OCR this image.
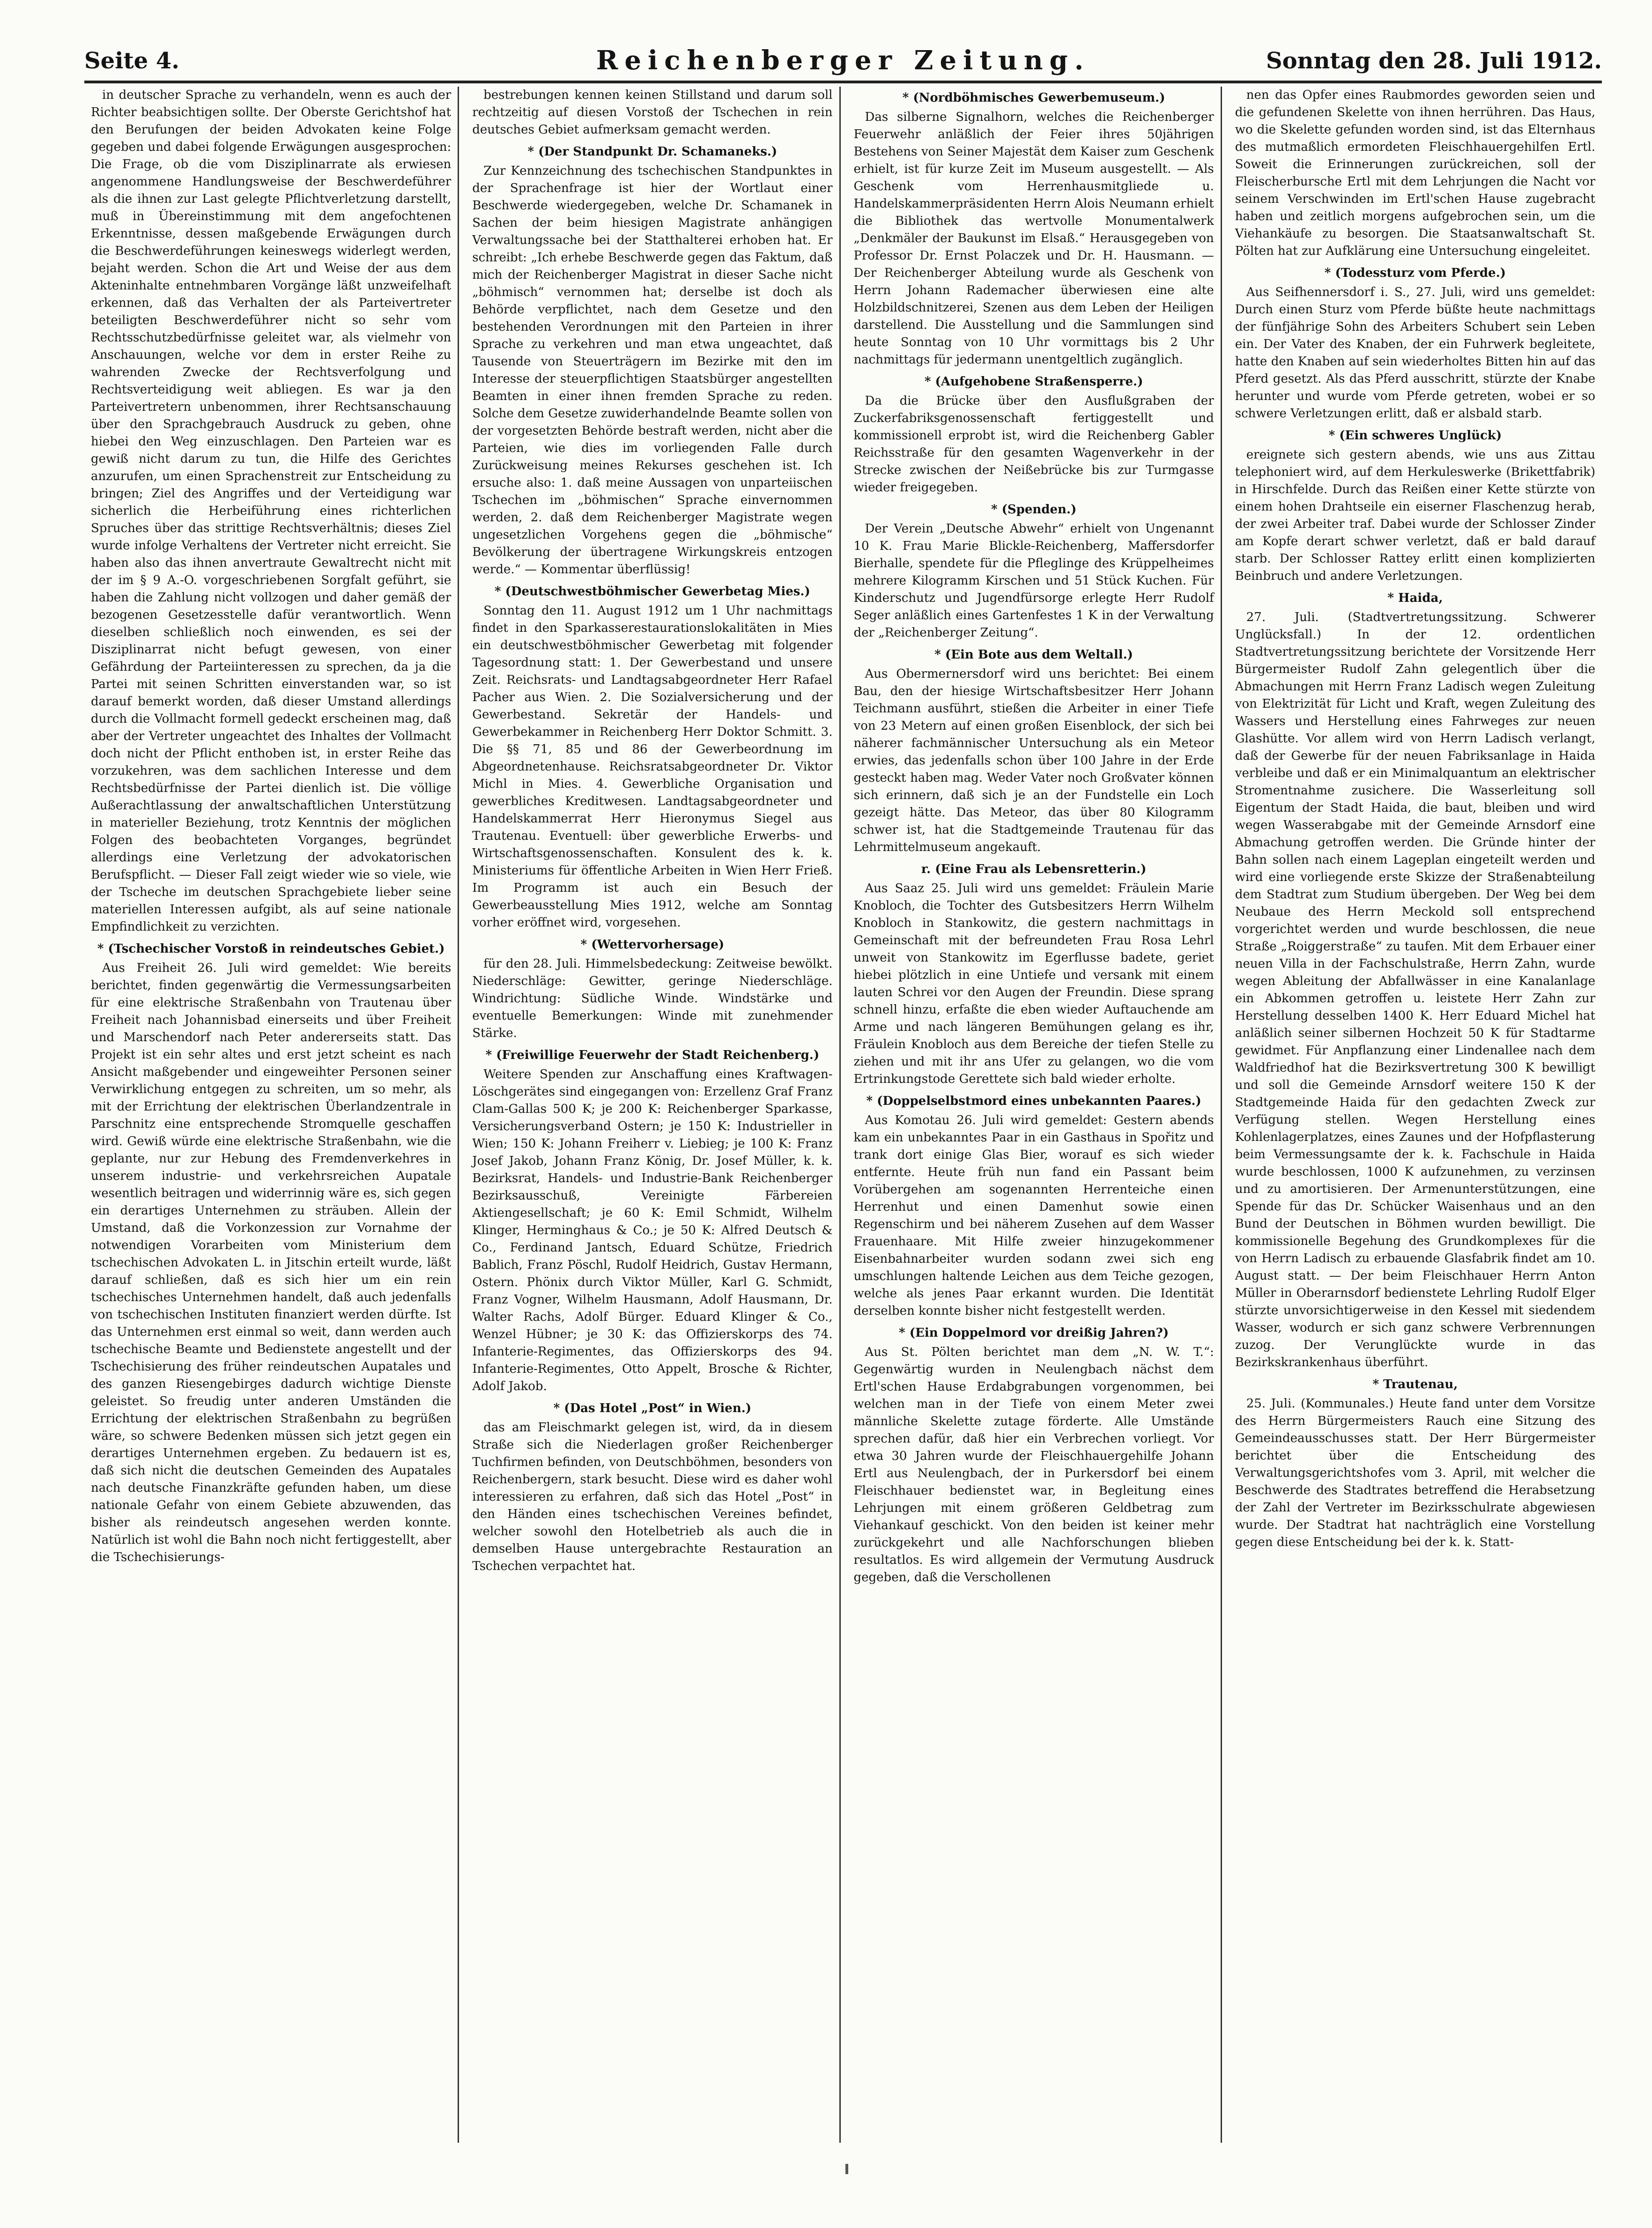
Seite 4.	Reichenberger Zeitung.	Sonntag den 28. Juli 1912.

in deutscher Sprache zu verhandeln, wenn es auch der Richter beabsichtigen sollte. Der Oberste Gerichtshof hat den Berufungen der beiden Advokaten keine Folge gegeben und dabei folgende Erwägungen ausgesprochen: Die Frage, ob die vom Disziplinarrate als erwiesen angenommene Handlungsweise der Beschwerdeführer als die ihnen zur Last gelegte Pflichtverletzung darstellt, muß in Übereinstimmung mit dem angefochtenen Erkenntnisse, dessen maßgebende Erwägungen durch die Beschwerdeführungen keineswegs widerlegt werden, bejaht werden. Schon die Art und Weise der aus dem Akteninhalte entnehmbaren Vorgänge läßt unzweifelhaft erkennen, daß das Verhalten der als Parteivertreter beteiligten Beschwerdeführer nicht so sehr vom Rechtsschutzbedürfnisse geleitet war, als vielmehr von Anschauungen, welche vor dem in erster Reihe zu wahrenden Zwecke der Rechtsverfolgung und Rechtsverteidigung weit abliegen. Es war ja den Parteivertretern unbenommen, ihrer Rechtsanschauung über den Sprachgebrauch Ausdruck zu geben, ohne hiebei den Weg einzuschlagen. Den Parteien war es gewiß nicht darum zu tun, die Hilfe des Gerichtes anzurufen, um einen Sprachenstreit zur Entscheidung zu bringen; Ziel des Angriffes und der Verteidigung war sicherlich die Herbeiführung eines richterlichen Spruches über das strittige Rechtsverhältnis; dieses Ziel wurde infolge Verhaltens der Vertreter nicht erreicht. Sie haben also das ihnen anvertraute Gewaltrecht nicht mit der im § 9 A.-O. vorgeschriebenen Sorgfalt geführt, sie haben die Zahlung nicht vollzogen und daher gemäß der bezogenen Gesetzesstelle dafür verantwortlich. Wenn dieselben schließlich noch einwenden, es sei der Disziplinarrat nicht befugt gewesen, von einer Gefährdung der Parteiinteressen zu sprechen, da ja die Partei mit seinen Schritten einverstanden war, so ist darauf bemerkt worden, daß dieser Umstand allerdings durch die Vollmacht formell gedeckt erscheinen mag, daß aber der Vertreter ungeachtet des Inhaltes der Vollmacht doch nicht der Pflicht enthoben ist, in erster Reihe das vorzukehren, was dem sachlichen Interesse und dem Rechtsbedürfnisse der Partei dienlich ist. Die völlige Außerachtlassung der anwaltschaftlichen Unterstützung in materieller Beziehung, trotz Kenntnis der möglichen Folgen des beobachteten Vorganges, begründet allerdings eine Verletzung der advokatorischen Berufspflicht. — Dieser Fall zeigt wieder wie so viele, wie der Tscheche im deutschen Sprachgebiete lieber seine materiellen Interessen aufgibt, als auf seine nationale Empfindlichkeit zu verzichten.

* (Tschechischer Vorstoß in reindeutsches Gebiet.)

Aus Freiheit 26. Juli wird gemeldet: Wie bereits berichtet, finden gegenwärtig die Vermessungsarbeiten für eine elektrische Straßenbahn von Trautenau über Freiheit nach Johannisbad einerseits und über Freiheit und Marschendorf nach Peter andererseits statt. Das Projekt ist ein sehr altes und erst jetzt scheint es nach Ansicht maßgebender und eingeweihter Personen seiner Verwirklichung entgegen zu schreiten, um so mehr, als mit der Errichtung der elektrischen Überlandzentrale in Parschnitz eine entsprechende Stromquelle geschaffen wird. Gewiß würde eine elektrische Straßenbahn, wie die geplante, nur zur Hebung des Fremdenverkehres in unserem industrie- und verkehrsreichen Aupatale wesentlich beitragen und widerrinnig wäre es, sich gegen ein derartiges Unternehmen zu sträuben. Allein der Umstand, daß die Vorkonzession zur Vornahme der notwendigen Vorarbeiten vom Ministerium dem tschechischen Advokaten L. in Jitschin erteilt wurde, läßt darauf schließen, daß es sich hier um ein rein tschechisches Unternehmen handelt, daß auch jedenfalls von tschechischen Instituten finanziert werden dürfte. Ist das Unternehmen erst einmal so weit, dann werden auch tschechische Beamte und Bedienstete angestellt und der Tschechisierung des früher reindeutschen Aupatales und des ganzen Riesengebirges dadurch wichtige Dienste geleistet. So freudig unter anderen Umständen die Errichtung der elektrischen Straßenbahn zu begrüßen wäre, so schwere Bedenken müssen sich jetzt gegen ein derartiges Unternehmen ergeben. Zu bedauern ist es, daß sich nicht die deutschen Gemeinden des Aupatales nach deutsche Finanzkräfte gefunden haben, um diese nationale Gefahr von einem Gebiete abzuwenden, das bisher als reindeutsch angesehen werden konnte. Natürlich ist wohl die Bahn noch nicht fertiggestellt, aber die Tschechisierungs-

bestrebungen kennen keinen Stillstand und darum soll rechtzeitig auf diesen Vorstoß der Tschechen in rein deutsches Gebiet aufmerksam gemacht werden.

* (Der Standpunkt Dr. Schamaneks.)

Zur Kennzeichnung des tschechischen Standpunktes in der Sprachenfrage ist hier der Wortlaut einer Beschwerde wiedergegeben, welche Dr. Schamanek in Sachen der beim hiesigen Magistrate anhängigen Verwaltungssache bei der Statthalterei erhoben hat. Er schreibt: „Ich erhebe Beschwerde gegen das Faktum, daß mich der Reichenberger Magistrat in dieser Sache nicht „böhmisch“ vernommen hat; derselbe ist doch als Behörde verpflichtet, nach dem Gesetze und den bestehenden Verordnungen mit den Parteien in ihrer Sprache zu verkehren und man etwa ungeachtet, daß Tausende von Steuerträgern im Bezirke mit den im Interesse der steuerpflichtigen Staatsbürger angestellten Beamten in einer ihnen fremden Sprache zu reden. Solche dem Gesetze zuwiderhandelnde Beamte sollen von der vorgesetzten Behörde bestraft werden, nicht aber die Parteien, wie dies im vorliegenden Falle durch Zurückweisung meines Rekurses geschehen ist. Ich ersuche also: 1. daß meine Aussagen von unparteiischen Tschechen im „böhmischen“ Sprache einvernommen werden, 2. daß dem Reichenberger Magistrate wegen ungesetzlichen Vorgehens gegen die „böhmische“ Bevölkerung der übertragene Wirkungskreis entzogen werde.“ — Kommentar überflüssig!

* (Deutschwestböhmischer Gewerbetag Mies.)

Sonntag den 11. August 1912 um 1 Uhr nachmittags findet in den Sparkasserestaurationslokalitäten in Mies ein deutschwestböhmischer Gewerbetag mit folgender Tagesordnung statt: 1. Der Gewerbestand und unsere Zeit. Reichsrats- und Landtagsabgeordneter Herr Rafael Pacher aus Wien. 2. Die Sozialversicherung und der Gewerbestand. Sekretär der Handels- und Gewerbekammer in Reichenberg Herr Doktor Schmitt. 3. Die §§ 71, 85 und 86 der Gewerbeordnung im Abgeordnetenhause. Reichsratsabgeordneter Dr. Viktor Michl in Mies. 4. Gewerbliche Organisation und gewerbliches Kreditwesen. Landtagsabgeordneter und Handelskammerrat Herr Hieronymus Siegel aus Trautenau. Eventuell: über gewerbliche Erwerbs- und Wirtschaftsgenossenschaften. Konsulent des k. k. Ministeriums für öffentliche Arbeiten in Wien Herr Frieß. Im Programm ist auch ein Besuch der Gewerbeausstellung Mies 1912, welche am Sonntag vorher eröffnet wird, vorgesehen.

* (Wettervorhersage)

für den 28. Juli. Himmelsbedeckung: Zeitweise bewölkt. Niederschläge: Gewitter, geringe Niederschläge. Windrichtung: Südliche Winde. Windstärke und eventuelle Bemerkungen: Winde mit zunehmender Stärke.

* (Freiwillige Feuerwehr der Stadt Reichenberg.)

Weitere Spenden zur Anschaffung eines Kraftwagen-Löschgerätes sind eingegangen von: Erzellenz Graf Franz Clam-Gallas 500 K; je 200 K: Reichenberger Sparkasse, Versicherungsverband Ostern; je 150 K: Industrieller in Wien; 150 K: Johann Freiherr v. Liebieg; je 100 K: Franz Josef Jakob, Johann Franz König, Dr. Josef Müller, k. k. Bezirksrat, Handels- und Industrie-Bank Reichenberger Bezirksausschuß, Vereinigte Färbereien Aktiengesellschaft; je 60 K: Emil Schmidt, Wilhelm Klinger, Herminghaus & Co.; je 50 K: Alfred Deutsch & Co., Ferdinand Jantsch, Eduard Schütze, Friedrich Bablich, Franz Pöschl, Rudolf Heidrich, Gustav Hermann, Ostern. Phönix durch Viktor Müller, Karl G. Schmidt, Franz Vogner, Wilhelm Hausmann, Adolf Hausmann, Dr. Walter Rachs, Adolf Bürger. Eduard Klinger & Co., Wenzel Hübner; je 30 K: das Offizierskorps des 74. Infanterie-Regimentes, das Offizierskorps des 94. Infanterie-Regimentes, Otto Appelt, Brosche & Richter, Adolf Jakob.

* (Das Hotel „Post“ in Wien.)

das am Fleischmarkt gelegen ist, wird, da in diesem Straße sich die Niederlagen großer Reichenberger Tuchfirmen befinden, von Deutschböhmen, besonders von Reichenbergern, stark besucht. Diese wird es daher wohl interessieren zu erfahren, daß sich das Hotel „Post“ in den Händen eines tschechischen Vereines befindet, welcher sowohl den Hotelbetrieb als auch die in demselben Hause untergebrachte Restauration an Tschechen verpachtet hat.

* (Nordböhmisches Gewerbemuseum.)

Das silberne Signalhorn, welches die Reichenberger Feuerwehr anläßlich der Feier ihres 50jährigen Bestehens von Seiner Majestät dem Kaiser zum Geschenk erhielt, ist für kurze Zeit im Museum ausgestellt. — Als Geschenk vom Herrenhausmitgliede u. Handelskammerpräsidenten Herrn Alois Neumann erhielt die Bibliothek das wertvolle Monumentalwerk „Denkmäler der Baukunst im Elsaß.“ Herausgegeben von Professor Dr. Ernst Polaczek und Dr. H. Hausmann. — Der Reichenberger Abteilung wurde als Geschenk von Herrn Johann Rademacher überwiesen eine alte Holzbildschnitzerei, Szenen aus dem Leben der Heiligen darstellend. Die Ausstellung und die Sammlungen sind heute Sonntag von 10 Uhr vormittags bis 2 Uhr nachmittags für jedermann unentgeltlich zugänglich.

* (Aufgehobene Straßensperre.)

Da die Brücke über den Ausflußgraben der Zuckerfabriksgenossenschaft fertiggestellt und kommissionell erprobt ist, wird die Reichenberg Gabler Reichsstraße für den gesamten Wagenverkehr in der Strecke zwischen der Neißebrücke bis zur Turmgasse wieder freigegeben.

* (Spenden.)

Der Verein „Deutsche Abwehr“ erhielt von Ungenannt 10 K. Frau Marie Blickle-Reichenberg, Maffersdorfer Bierhalle, spendete für die Pfleglinge des Krüppelheimes mehrere Kilogramm Kirschen und 51 Stück Kuchen. Für Kinderschutz und Jugendfürsorge erlegte Herr Rudolf Seger anläßlich eines Gartenfestes 1 K in der Verwaltung der „Reichenberger Zeitung“.

* (Ein Bote aus dem Weltall.)

Aus Obermernersdorf wird uns berichtet: Bei einem Bau, den der hiesige Wirtschaftsbesitzer Herr Johann Teichmann ausführt, stießen die Arbeiter in einer Tiefe von 23 Metern auf einen großen Eisenblock, der sich bei näherer fachmännischer Untersuchung als ein Meteor erwies, das jedenfalls schon über 100 Jahre in der Erde gesteckt haben mag. Weder Vater noch Großvater können sich erinnern, daß sich je an der Fundstelle ein Loch gezeigt hätte. Das Meteor, das über 80 Kilogramm schwer ist, hat die Stadtgemeinde Trautenau für das Lehrmittelmuseum angekauft.

r. (Eine Frau als Lebensretterin.)

Aus Saaz 25. Juli wird uns gemeldet: Fräulein Marie Knobloch, die Tochter des Gutsbesitzers Herrn Wilhelm Knobloch in Stankowitz, die gestern nachmittags in Gemeinschaft mit der befreundeten Frau Rosa Lehrl unweit von Stankowitz im Egerflusse badete, geriet hiebei plötzlich in eine Untiefe und versank mit einem lauten Schrei vor den Augen der Freundin. Diese sprang schnell hinzu, erfaßte die eben wieder Auftauchende am Arme und nach längeren Bemühungen gelang es ihr, Fräulein Knobloch aus dem Bereiche der tiefen Stelle zu ziehen und mit ihr ans Ufer zu gelangen, wo die vom Ertrinkungstode Gerettete sich bald wieder erholte.

* (Doppelselbstmord eines unbekannten Paares.)

Aus Komotau 26. Juli wird gemeldet: Gestern abends kam ein unbekanntes Paar in ein Gasthaus in Spořitz und trank dort einige Glas Bier, worauf es sich wieder entfernte. Heute früh nun fand ein Passant beim Vorübergehen am sogenannten Herrenteiche einen Herrenhut und einen Damenhut sowie einen Regenschirm und bei näherem Zusehen auf dem Wasser Frauenhaare. Mit Hilfe zweier hinzugekommener Eisenbahnarbeiter wurden sodann zwei sich eng umschlungen haltende Leichen aus dem Teiche gezogen, welche als jenes Paar erkannt wurden. Die Identität derselben konnte bisher nicht festgestellt werden.

* (Ein Doppelmord vor dreißig Jahren?)

Aus St. Pölten berichtet man dem „N. W. T.“: Gegenwärtig wurden in Neulengbach nächst dem Ertl'schen Hause Erdabgrabungen vorgenommen, bei welchen man in der Tiefe von einem Meter zwei männliche Skelette zutage förderte. Alle Umstände sprechen dafür, daß hier ein Verbrechen vorliegt. Vor etwa 30 Jahren wurde der Fleischhauergehilfe Johann Ertl aus Neulengbach, der in Purkersdorf bei einem Fleischhauer bedienstet war, in Begleitung eines Lehrjungen mit einem größeren Geldbetrag zum Viehankauf geschickt. Von den beiden ist keiner mehr zurückgekehrt und alle Nachforschungen blieben resultatlos. Es wird allgemein der Vermutung Ausdruck gegeben, daß die Verschollenen

nen das Opfer eines Raubmordes geworden seien und die gefundenen Skelette von ihnen herrühren. Das Haus, wo die Skelette gefunden worden sind, ist das Elternhaus des mutmaßlich ermordeten Fleischhauergehilfen Ertl. Soweit die Erinnerungen zurückreichen, soll der Fleischerbursche Ertl mit dem Lehrjungen die Nacht vor seinem Verschwinden im Ertl'schen Hause zugebracht haben und zeitlich morgens aufgebrochen sein, um die Viehankäufe zu besorgen. Die Staatsanwaltschaft St. Pölten hat zur Aufklärung eine Untersuchung eingeleitet.

* (Todessturz vom Pferde.)

Aus Seifhennersdorf i. S., 27. Juli, wird uns gemeldet: Durch einen Sturz vom Pferde büßte heute nachmittags der fünfjährige Sohn des Arbeiters Schubert sein Leben ein. Der Vater des Knaben, der ein Fuhrwerk begleitete, hatte den Knaben auf sein wiederholtes Bitten hin auf das Pferd gesetzt. Als das Pferd ausschritt, stürzte der Knabe herunter und wurde vom Pferde getreten, wobei er so schwere Verletzungen erlitt, daß er alsbald starb.

* (Ein schweres Unglück)

ereignete sich gestern abends, wie uns aus Zittau telephoniert wird, auf dem Herkuleswerke (Brikettfabrik) in Hirschfelde. Durch das Reißen einer Kette stürzte von einem hohen Drahtseile ein eiserner Flaschenzug herab, der zwei Arbeiter traf. Dabei wurde der Schlosser Zinder am Kopfe derart schwer verletzt, daß er bald darauf starb. Der Schlosser Rattey erlitt einen komplizierten Beinbruch und andere Verletzungen.

* Haida,

27. Juli. (Stadtvertretungssitzung. Schwerer Unglücksfall.) In der 12. ordentlichen Stadtvertretungssitzung berichtete der Vorsitzende Herr Bürgermeister Rudolf Zahn gelegentlich über die Abmachungen mit Herrn Franz Ladisch wegen Zuleitung von Elektrizität für Licht und Kraft, wegen Zuleitung des Wassers und Herstellung eines Fahrweges zur neuen Glashütte. Vor allem wird von Herrn Ladisch verlangt, daß der Gewerbe für der neuen Fabriksanlage in Haida verbleibe und daß er ein Minimalquantum an elektrischer Stromentnahme zusichere. Die Wasserleitung soll Eigentum der Stadt Haida, die baut, bleiben und wird wegen Wasserabgabe mit der Gemeinde Arnsdorf eine Abmachung getroffen werden. Die Gründe hinter der Bahn sollen nach einem Lageplan eingeteilt werden und wird eine vorliegende erste Skizze der Straßenabteilung dem Stadtrat zum Studium übergeben. Der Weg bei dem Neubaue des Herrn Meckold soll entsprechend vorgerichtet werden und wurde beschlossen, die neue Straße „Roiggerstraße“ zu taufen. Mit dem Erbauer einer neuen Villa in der Fachschulstraße, Herrn Zahn, wurde wegen Ableitung der Abfallwässer in eine Kanalanlage ein Abkommen getroffen u. leistete Herr Zahn zur Herstellung desselben 1400 K. Herr Eduard Michel hat anläßlich seiner silbernen Hochzeit 50 K für Stadtarme gewidmet. Für Anpflanzung einer Lindenallee nach dem Waldfriedhof hat die Bezirksvertretung 300 K bewilligt und soll die Gemeinde Arnsdorf weitere 150 K der Stadtgemeinde Haida für den gedachten Zweck zur Verfügung stellen. Wegen Herstellung eines Kohlenlagerplatzes, eines Zaunes und der Hofpflasterung beim Vermessungsamte der k. k. Fachschule in Haida wurde beschlossen, 1000 K aufzunehmen, zu verzinsen und zu amortisieren. Der Armenunterstützungen, eine Spende für das Dr. Schücker Waisenhaus und an den Bund der Deutschen in Böhmen wurden bewilligt. Die kommissionelle Begehung des Grundkomplexes für die von Herrn Ladisch zu erbauende Glasfabrik findet am 10. August statt. — Der beim Fleischhauer Herrn Anton Müller in Oberarnsdorf bedienstete Lehrling Rudolf Elger stürzte unvorsichtigerweise in den Kessel mit siedendem Wasser, wodurch er sich ganz schwere Verbrennungen zuzog. Der Verunglückte wurde in das Bezirkskrankenhaus überführt.

* Trautenau,

25. Juli. (Kommunales.) Heute fand unter dem Vorsitze des Herrn Bürgermeisters Rauch eine Sitzung des Gemeindeausschusses statt. Der Herr Bürgermeister berichtet über die Entscheidung des Verwaltungsgerichtshofes vom 3. April, mit welcher die Beschwerde des Stadtrates betreffend die Herabsetzung der Zahl der Vertreter im Bezirksschulrate abgewiesen wurde. Der Stadtrat hat nachträglich eine Vorstellung gegen diese Entscheidung bei der k. k. Statt-
